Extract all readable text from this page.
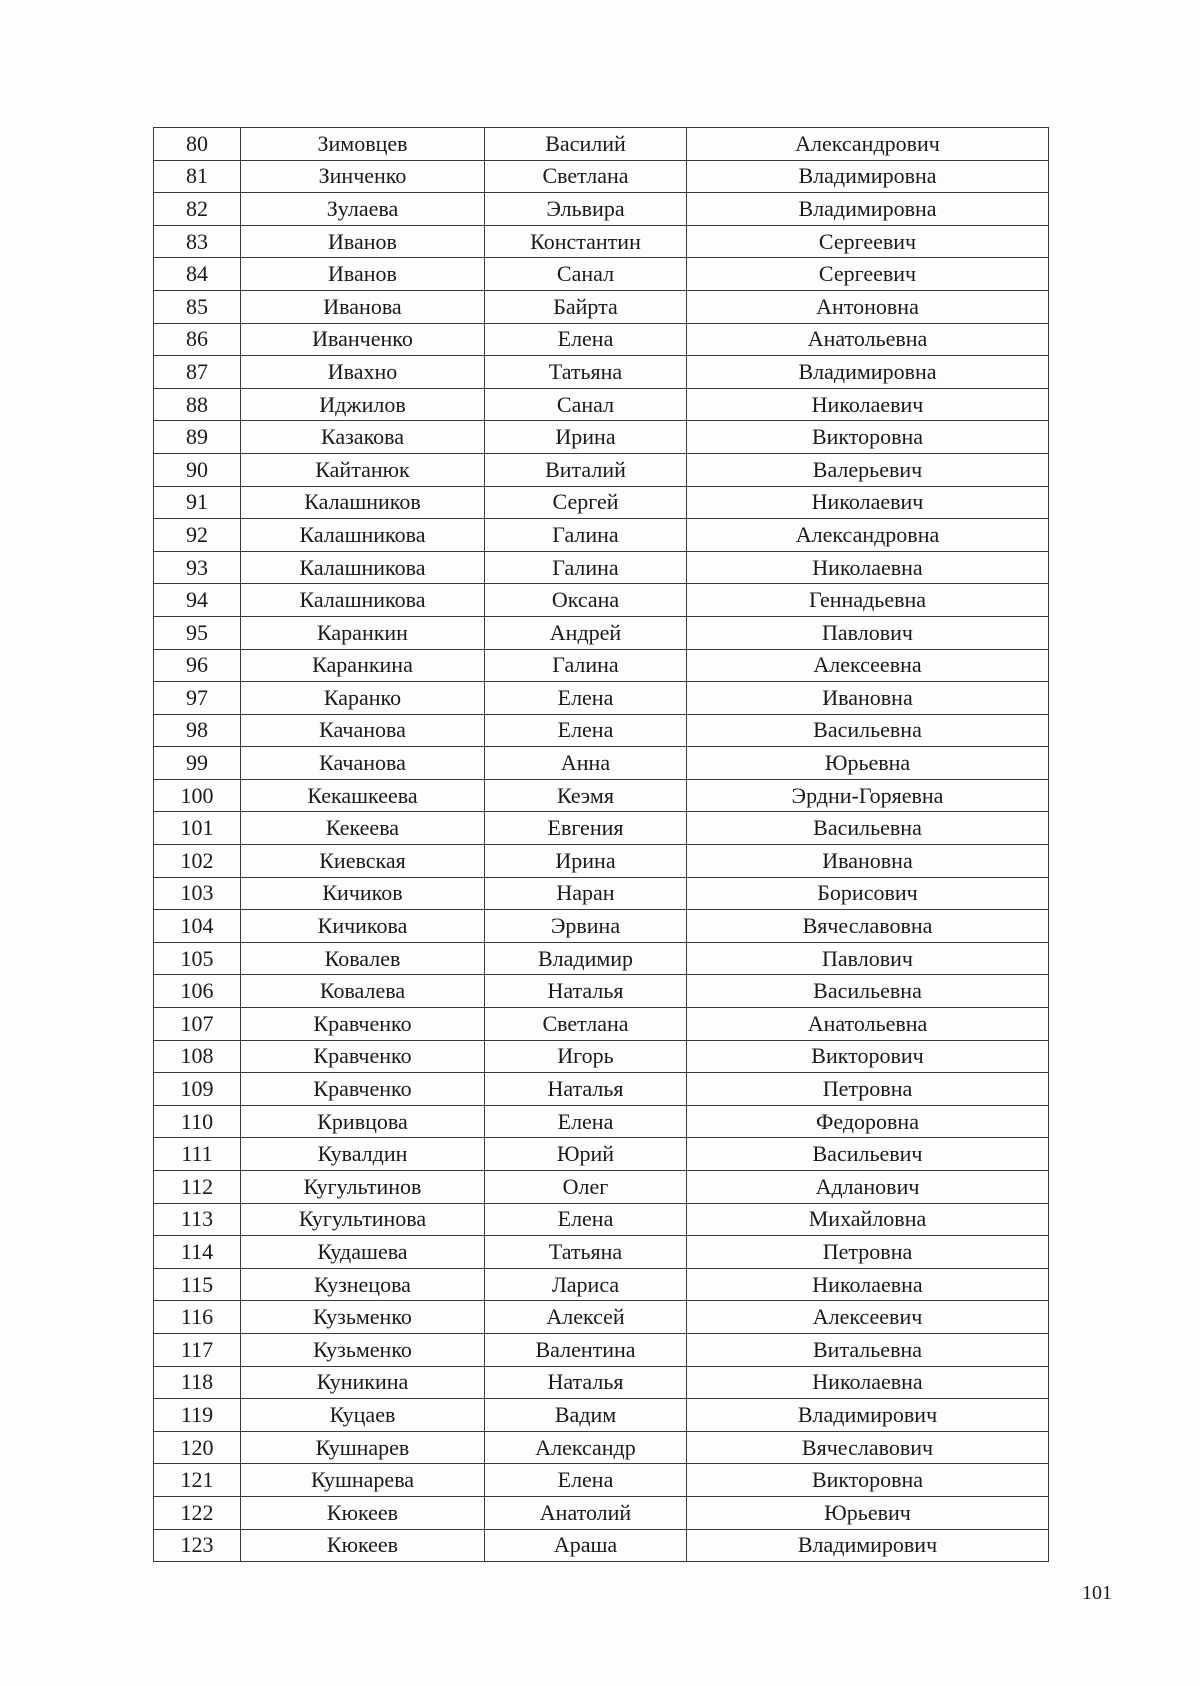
80	Зимовцев	Василий	Александрович
81	Зинченко	Светлана	Владимировна
82	Зулаева	Эльвира	Владимировна
83	Иванов	Константин	Сергеевич
84	Иванов	Санал	Сергеевич
85	Иванова	Байрта	Антоновна
86	Иванченко	Елена	Анатольевна
87	Ивахно	Татьяна	Владимировна
88	Иджилов	Санал	Николаевич
89	Казакова	Ирина	Викторовна
90	Кайтанюк	Виталий	Валерьевич
91	Калашников	Сергей	Николаевич
92	Калашникова	Галина	Александровна
93	Калашникова	Галина	Николаевна
94	Калашникова	Оксана	Геннадьевна
95	Каранкин	Андрей	Павлович
96	Каранкина	Галина	Алексеевна
97	Каранко	Елена	Ивановна
98	Качанова	Елена	Васильевна
99	Качанова	Анна	Юрьевна
100	Кекашкеева	Кеэмя	Эрдни-Горяевна
101	Кекеева	Евгения	Васильевна
102	Киевская	Ирина	Ивановна
103	Кичиков	Наран	Борисович
104	Кичикова	Эрвина	Вячеславовна
105	Ковалев	Владимир	Павлович
106	Ковалева	Наталья	Васильевна
107	Кравченко	Светлана	Анатольевна
108	Кравченко	Игорь	Викторович
109	Кравченко	Наталья	Петровна
110	Кривцова	Елена	Федоровна
111	Кувалдин	Юрий	Васильевич
112	Кугультинов	Олег	Адланович
113	Кугультинова	Елена	Михайловна
114	Кудашева	Татьяна	Петровна
115	Кузнецова	Лариса	Николаевна
116	Кузьменко	Алексей	Алексеевич
117	Кузьменко	Валентина	Витальевна
118	Куникина	Наталья	Николаевна
119	Куцаев	Вадим	Владимирович
120	Кушнарев	Александр	Вячеславович
121	Кушнарева	Елена	Викторовна
122	Кюкеев	Анатолий	Юрьевич
123	Кюкеев	Араша	Владимирович
101
